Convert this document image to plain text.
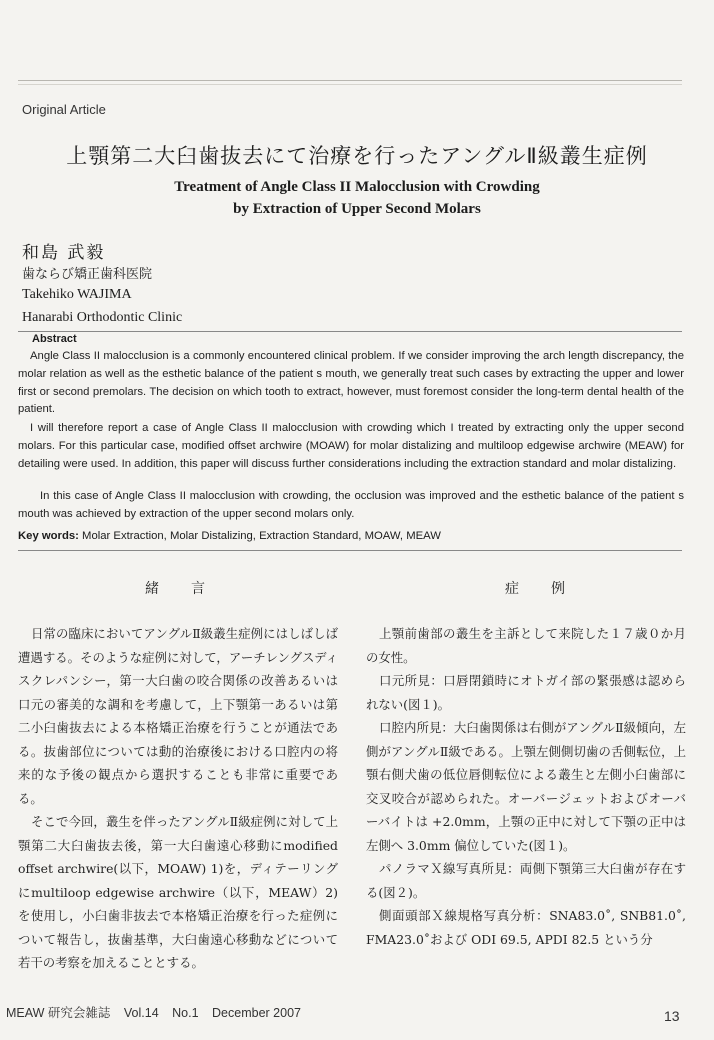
Original Article
上顎第二大臼歯抜去にて治療を行ったアングルⅡ級叢生症例
Treatment of Angle Class II Malocclusion with Crowding
by Extraction of Upper Second Molars
和島 武毅
歯ならび矯正歯科医院
Takehiko WAJIMA
Hanarabi Orthodontic Clinic
Abstract
Angle Class II malocclusion is a commonly encountered clinical problem. If we consider improving the arch length discrepancy, the molar relation as well as the esthetic balance of the patient s mouth, we generally treat such cases by extracting the upper and lower first or second premolars. The decision on which tooth to extract, however, must foremost consider the long-term dental health of the patient.
I will therefore report a case of Angle Class II malocclusion with crowding which I treated by extracting only the upper second molars. For this particular case, modified offset archwire (MOAW) for molar distalizing and multiloop edgewise archwire (MEAW) for detailing were used. In addition, this paper will discuss further considerations including the extraction standard and molar distalizing.
In this case of Angle Class II malocclusion with crowding, the occlusion was improved and the esthetic balance of the patient s mouth was achieved by extraction of the upper second molars only.
Key words: Molar Extraction, Molar Distalizing, Extraction Standard, MOAW, MEAW
緒言	症例

日常の臨床においてアングルⅡ級叢生症例にはしばしば遭遇する。そのような症例に対して，アーチレングスディスクレパンシー，第一大臼歯の咬合関係の改善あるいは口元の審美的な調和を考慮して，上下顎第一あるいは第二小臼歯抜去による本格矯正治療を行うことが通法である。抜歯部位については動的治療後における口腔内の将来的な予後の観点から選択することも非常に重要である。

そこで今回，叢生を伴ったアングルⅡ級症例に対して上顎第二大臼歯抜去後，第一大臼歯遠心移動にmodified offset archwire(以下，MOAW) 1)を，ディテーリングにmultiloop edgewise archwire（以下，MEAW）2)を使用し，小臼歯非抜去で本格矯正治療を行った症例について報告し，抜歯基準，大臼歯遠心移動などについて若干の考察を加えることとする。

上顎前歯部の叢生を主訴として来院した１７歳０か月の女性。

口元所見：口唇閉鎖時にオトガイ部の緊張感は認められない(図１)。

口腔内所見：大臼歯関係は右側がアングルⅡ級傾向，左側がアングルⅡ級である。上顎左側側切歯の舌側転位，上顎右側犬歯の低位唇側転位による叢生と左側小臼歯部に交叉咬合が認められた。オーバージェットおよびオーバーバイトは +2.0mm，上顎の正中に対して下顎の正中は左側へ 3.0mm 偏位していた(図１)。

パノラマＸ線写真所見：両側下顎第三大臼歯が存在する(図２)。

側面頭部Ｘ線規格写真分析：SNA83.0˚, SNB81.0˚, FMA23.0˚および ODI 69.5, APDI 82.5 という分

MEAW 研究会雑誌 Vol.14 No.1 December 2007	13
